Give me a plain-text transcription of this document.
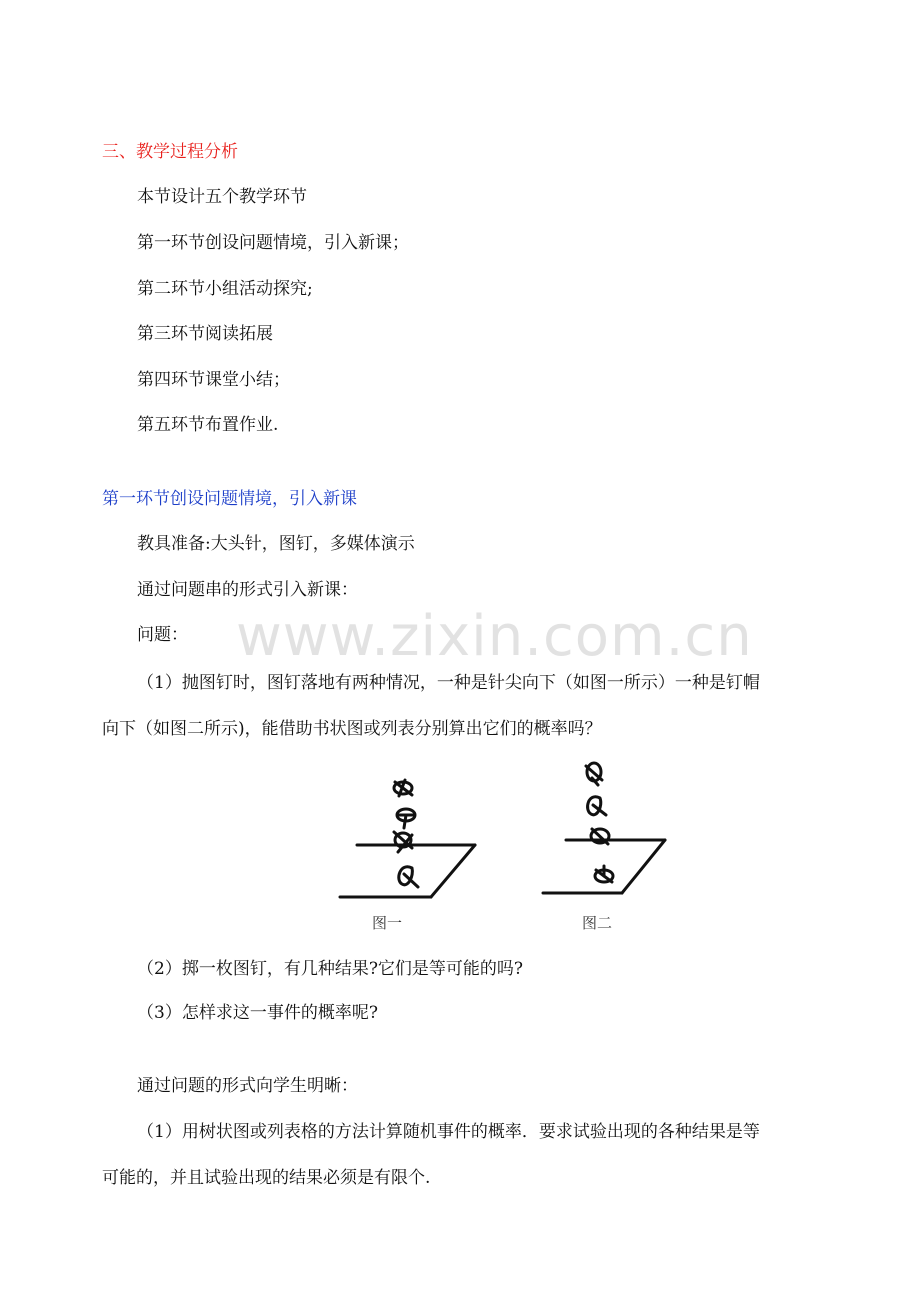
三、教学过程分析
本节设计五个教学环节
第一环节创设问题情境，引入新课；
第二环节小组活动探究;
第三环节阅读拓展
第四环节课堂小结；
第五环节布置作业.
第一环节创设问题情境，引入新课
教具准备:大头针，图钉，多媒体演示
通过问题串的形式引入新课：
问题：
（1）抛图钉时，图钉落地有两种情况，一种是针尖向下（如图一所示）一种是钉帽
向下（如图二所示)，能借助书状图或列表分别算出它们的概率吗？
www.zixin.com.cn
图一	图二
（2）掷一枚图钉，有几种结果?它们是等可能的吗?
（3）怎样求这一事件的概率呢?
通过问题的形式向学生明晰：
（1）用树状图或列表格的方法计算随机事件的概率．要求试验出现的各种结果是等
可能的，并且试验出现的结果必须是有限个.
